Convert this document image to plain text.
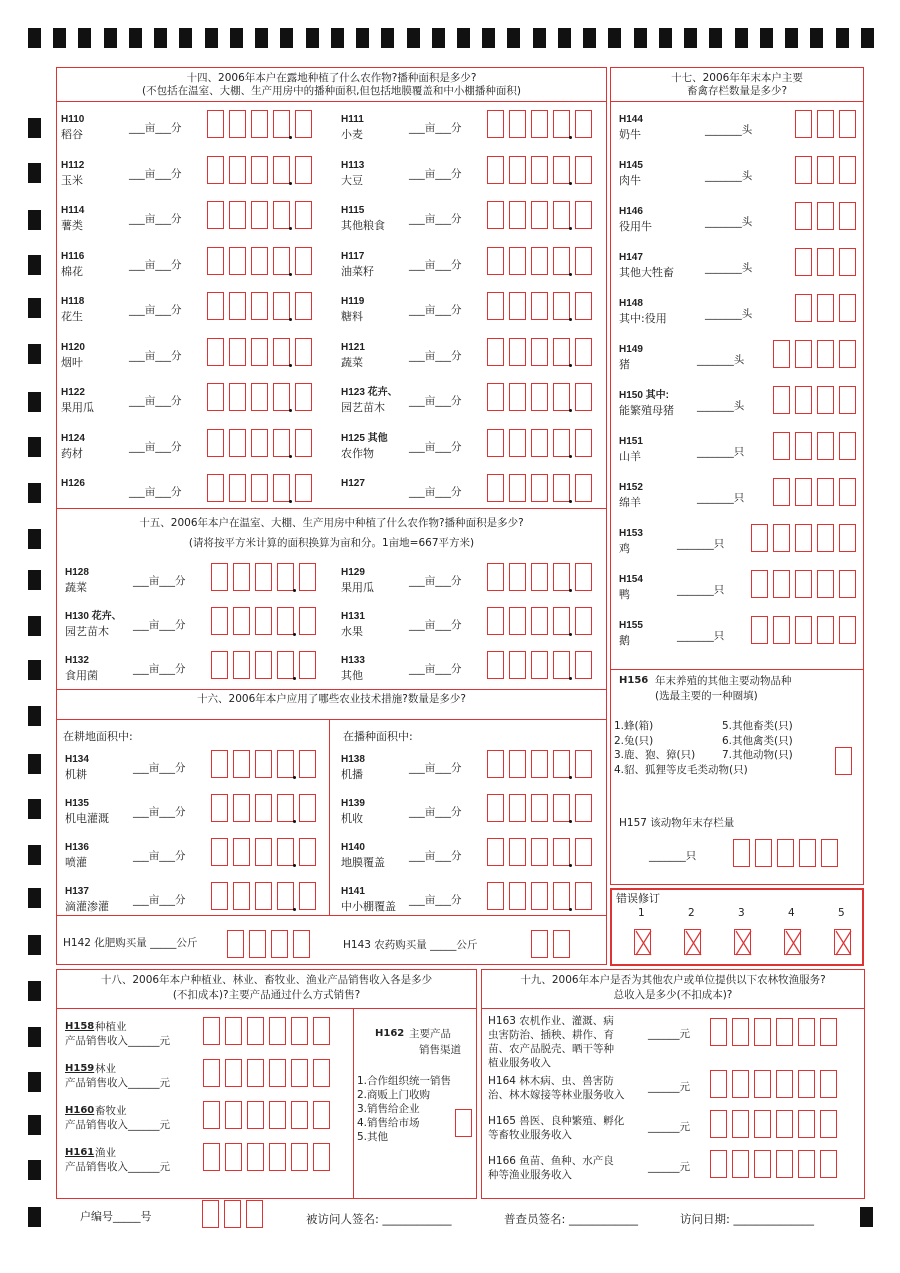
十四、2006年本户在露地种植了什么农作物?播种面积是多少?
(不包括在温室、大棚、生产用房中的播种面积,但包括地膜覆盖和中小棚播种面积)
H110
稻谷	___亩___分
H112
玉米	___亩___分
H114
薯类	___亩___分
H116
棉花	___亩___分
H118
花生	___亩___分
H120
烟叶	___亩___分
H122
果用瓜	___亩___分
H124
药材	___亩___分
H126
___亩___分
H111
小麦	___亩___分
H113
大豆	___亩___分
H115
其他粮食 ___亩___分
H117
油菜籽	___亩___分
H119
糖料	___亩___分
H121
蔬菜	___亩___分
H123 花卉、
园艺苗木 ___亩___分
H125 其他
农作物	___亩___分
H127
___亩___分
十五、2006年本户在温室、大棚、生产用房中种植了什么农作物?播种面积是多少?
(请将按平方米计算的面积换算为亩和分。1亩地=667平方米)
H128
蔬菜	___亩___分
H130 花卉、
园艺苗木 ___亩___分
H132
食用菌	___亩___分
H129
果用瓜	___亩___分
H131
水果	___亩___分
H133
其他	___亩___分
十六、2006年本户应用了哪些农业技术措施?数量是多少?
在耕地面积中:	在播种面积中:
H134
机耕	___亩___分
H135
机电灌溉 ___亩___分
H136
喷灌	___亩___分
H137
滴灌渗灌 ___亩___分
H138
机播	___亩___分
H139
机收	___亩___分
H140
地膜覆盖 ___亩___分
H141
中小棚覆盖 ___亩___分
H142 化肥购买量 _____公斤	H143 农药购买量 _____公斤
十七、2006年年末本户主要
畜禽存栏数量是多少?
H144
奶牛	_______头
H145
肉牛	_______头
H146
役用牛	_______头
H147
其他大牲畜	_______头
H148
其中:役用	_______头
H149
猪	_______头
H150 其中:
能繁殖母猪 _______头
H151
山羊	_______只
H152
绵羊	_______只
H153
鸡	_______只
H154
鸭	_______只
H155
鹅	_______只
H156 年末养殖的其他主要动物品种
(选最主要的一种圈填)
H157 该动物年末存栏量
_______只
错误修订
1	2	3	4	5
十八、2006年本户种植业、林业、畜牧业、渔业产品销售收入各是多少
(不扣成本)?主要产品通过什么方式销售?
H158 种植业
产品销售收入______元
H159 林业
产品销售收入______元
H160 畜牧业
产品销售收入______元
H161 渔业
产品销售收入______元
H162 主要产品
销售渠道
1.合作组织统一销售
2.商贩上门收购
3.销售给企业
4.销售给市场
5.其他
十九、2006年本户是否为其他农户或单位提供以下农林牧渔服务?
总收入是多少(不扣成本)?
H163 农机作业、灌溉、病
虫害防治、插秧、耕作、育
苗、农产品脱壳、晒干等种
植业服务收入
______元
H164 林木病、虫、兽害防
治、林木嫁接等林业服务收入
______元
H165 兽医、良种繁殖、孵化
等畜牧业服务收入
______元
H166 鱼苗、鱼种、水产良
种等渔业服务收入
______元
户编号_____号	被访问人签名: ____________	普查员签名: ____________	访问日期: ______________
1.蜂(箱)
2.兔(只)
3.鹿、狍、獐(只)
4.貂、狐狸等皮毛类动物(只)
5.其他畜类(只)
6.其他禽类(只)
7.其他动物(只)
